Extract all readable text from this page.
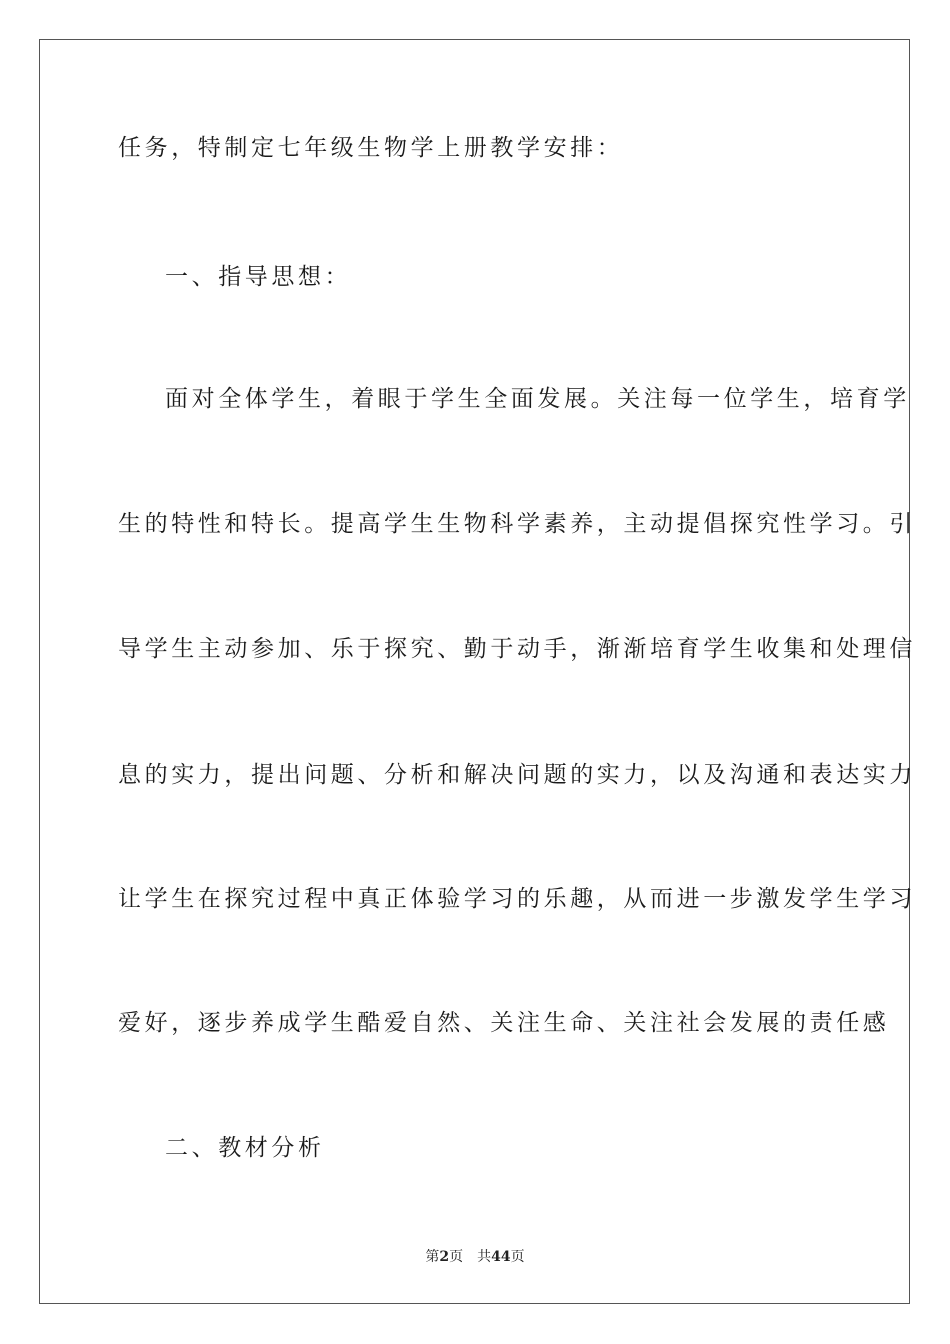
任务，特制定七年级生物学上册教学安排：
一、指导思想：
面对全体学生，着眼于学生全面发展。关注每一位学生，培育学
生的特性和特长。提高学生生物科学素养，主动提倡探究性学习。引
导学生主动参加、乐于探究、勤于动手，渐渐培育学生收集和处理信
息的实力，提出问题、分析和解决问题的实力，以及沟通和表达实力
让学生在探究过程中真正体验学习的乐趣，从而进一步激发学生学习
爱好，逐步养成学生酷爱自然、关注生命、关注社会发展的责任感
二、教材分析
第2页 共44页
